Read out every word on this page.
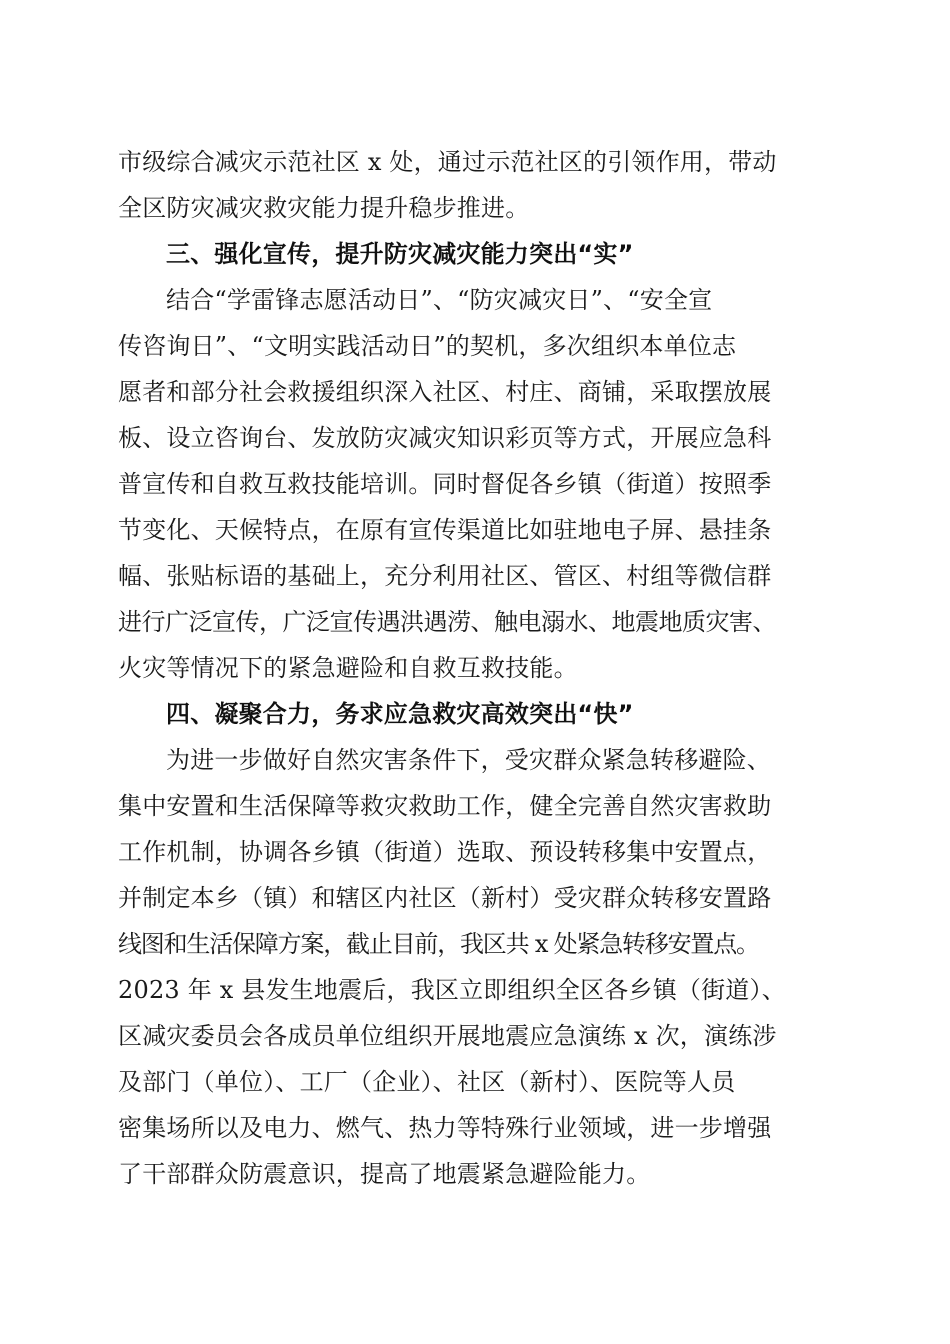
市级综合减灾示范社区 x 处，通过示范社区的引领作用，带动
全区防灾减灾救灾能力提升稳步推进。
三、强化宣传，提升防灾减灾能力突出“实”
结合“学雷锋志愿活动日”、“防灾减灾日”、“安全宣
传咨询日”、“文明实践活动日”的契机，多次组织本单位志
愿者和部分社会救援组织深入社区、村庄、商铺，采取摆放展
板、设立咨询台、发放防灾减灾知识彩页等方式，开展应急科
普宣传和自救互救技能培训。同时督促各乡镇（街道）按照季
节变化、天候特点，在原有宣传渠道比如驻地电子屏、悬挂条
幅、张贴标语的基础上，充分利用社区、管区、村组等微信群
进行广泛宣传，广泛宣传遇洪遇涝、触电溺水、地震地质灾害、
火灾等情况下的紧急避险和自救互救技能。
四、凝聚合力，务求应急救灾高效突出“快”
为进一步做好自然灾害条件下，受灾群众紧急转移避险、
集中安置和生活保障等救灾救助工作，健全完善自然灾害救助
工作机制，协调各乡镇（街道）选取、预设转移集中安置点，
并制定本乡（镇）和辖区内社区（新村）受灾群众转移安置路
线图和生活保障方案，截止目前，我区共 x 处紧急转移安置点。
2023 年 x 县发生地震后，我区立即组织全区各乡镇（街道）、
区减灾委员会各成员单位组织开展地震应急演练 x 次，演练涉
及部门（单位）、工厂（企业）、社区（新村）、医院等人员
密集场所以及电力、燃气、热力等特殊行业领域，进一步增强
了干部群众防震意识，提高了地震紧急避险能力。
